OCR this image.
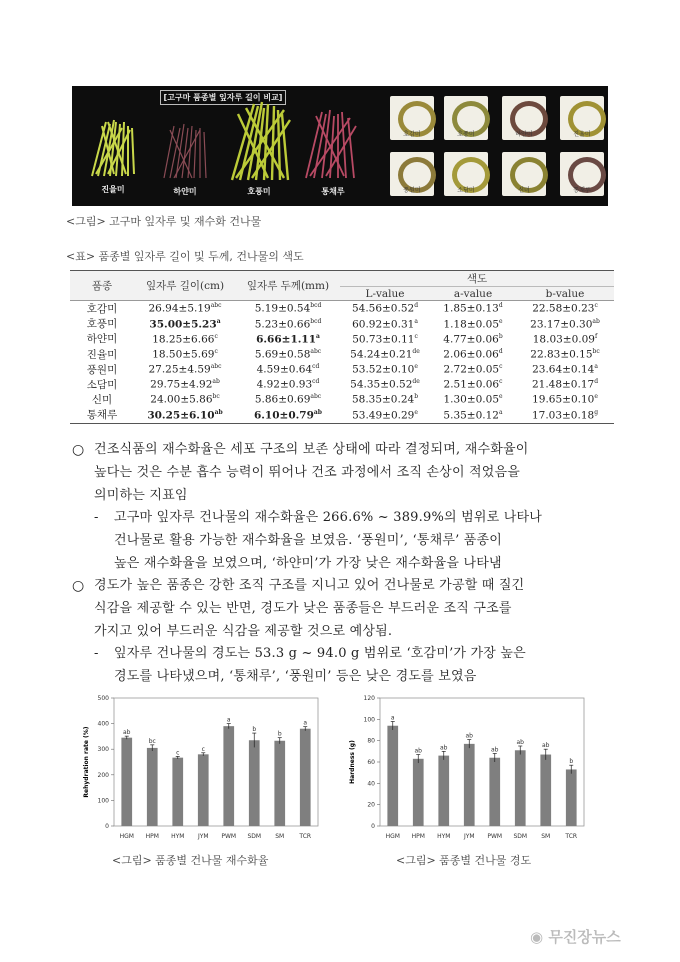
[고구마 품종별 잎자루 길이 비교]
진율미	하얀미	호풍미	통채루
호감미	호풍미	하얀미	진율미
풍원미	소담미	신미	통채루
<그림> 고구마 잎자루 및 재수화 건나물
<표> 품종별 잎자루 길이 및 두께, 건나물의 색도
품종	잎자루 길이(cm)	잎자루 두께(mm)	색도		
			L-value	a-value	b-value
호감미	26.94±5.19$^{abc}$	5.19±0.54$^{bcd}$	54.56±0.52$^d$	1.85±0.13$^d$	22.58±0.23$^c$
호풍미	35.00±5.23$^a$	5.23±0.66$^{bcd}$	60.92±0.31$^a$	1.18±0.05$^e$	23.17±0.30$^{ab}$
하얀미	18.25±6.66$^c$	6.66±1.11$^a$	50.73±0.11$^c$	4.77±0.06$^b$	18.03±0.09$^f$
진율미	18.50±5.69$^c$	5.69±0.58$^{abc}$	54.24±0.21de	2.06±0.06$^d$	22.83±0.15$^{bc}$
풍원미	27.25±4.59$^{abc}$	4.59±0.64$^{cd}$	53.52±0.10$^e$	2.72±0.05$^c$	23.64±0.14$^a$
소담미	29.75±4.92$^{ab}$	4.92±0.93$^{cd}$	54.35±0.52de	2.51±0.06$^c$	21.48±0.17$^d$
신미	24.00±5.86$^{bc}$	5.86±0.69$^{abc}$	58.35±0.24$^b$	1.30±0.05$^e$	19.65±0.10$^e$
통채루	30.25±6.10$^{ab}$	6.10±0.79$^{ab}$	53.49±0.29$^e$	5.35±0.12$^a$	17.03±0.18$^g$
○ 건조식품의 재수화율은 세포 구조의 보존 상태에 따라 결정되며, 재수화율이
높다는 것은 수분 흡수 능력이 뛰어나 건조 과정에서 조직 손상이 적었음을
의미하는 지표임
-	고구마 잎자루 건나물의 재수화율은 266.6% ~ 389.9%의 범위로 나타나
건나물로 활용 가능한 재수화율을 보였음. ‘풍원미’, ‘통채루’ 품종이
높은 재수화율을 보였으며, ‘하얀미’가 가장 낮은 재수화율을 나타냄
○ 경도가 높은 품종은 강한 조직 구조를 지니고 있어 건나물로 가공할 때 질긴
식감을 제공할 수 있는 반면, 경도가 낮은 품종들은 부드러운 조직 구조를
가지고 있어 부드러운 식감을 제공할 것으로 예상됨.
-	잎자루 건나물의 경도는 53.3 g ~ 94.0 g 범위로 ‘호감미’가 가장 높은
경도를 나타냈으며, ‘통채루’, ‘풍원미’ 등은 낮은 경도를 보였음
Rehydration rate (%)
0
100
200
300
400
500
ab
HGM
bc
HPM
c
HYM
c
JYM
a
PWM
b
SDM
b
SM
a
TCR
<그림> 품종별 건나물 재수화율
Hardness (g)
0
20
40
60
80
100
120
a
HGM
ab
HPM
ab
HYM
ab
JYM
ab
PWM
ab
SDM
ab
SM
b
TCR
<그림> 품종별 건나물 경도
◉ 무진장뉴스
